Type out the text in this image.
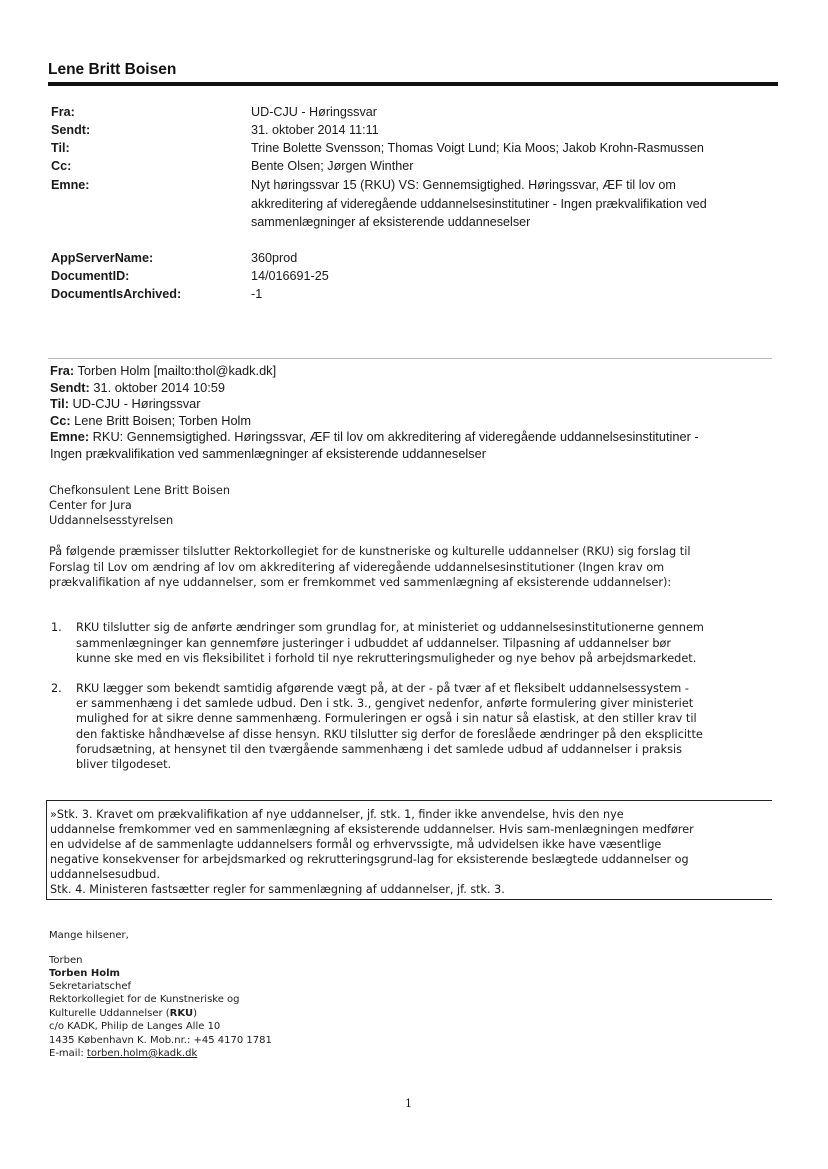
Lene Britt Boisen
Fra:	UD-CJU - Høringssvar
Sendt:	31. oktober 2014 11:11
Til:	Trine Bolette Svensson; Thomas Voigt Lund; Kia Moos; Jakob Krohn-Rasmussen
Cc:	Bente Olsen; Jørgen Winther
Emne:	Nyt høringssvar 15 (RKU) VS: Gennemsigtighed. Høringssvar, ÆF til lov om
akkreditering af videregående uddannelsesinstitutiner - Ingen prækvalifikation ved
sammenlægninger af eksisterende uddanneselser
AppServerName:	360prod
DocumentID:	14/016691-25
DocumentIsArchived:	-1
Fra: Torben Holm [mailto:thol@kadk.dk]
Sendt: 31. oktober 2014 10:59
Til: UD-CJU - Høringssvar
Cc: Lene Britt Boisen; Torben Holm
Emne: RKU: Gennemsigtighed. Høringssvar, ÆF til lov om akkreditering af videregående uddannelsesinstitutiner -
Ingen prækvalifikation ved sammenlægninger af eksisterende uddanneselser
Chefkonsulent Lene Britt Boisen
Center for Jura
Uddannelsesstyrelsen
På følgende præmisser tilslutter Rektorkollegiet for de kunstneriske og kulturelle uddannelser (RKU) sig forslag til
Forslag til Lov om ændring af lov om akkreditering af videregående uddannelsesinstitutioner (Ingen krav om
prækvalifikation af nye uddannelser, som er fremkommet ved sammenlægning af eksisterende uddannelser):
1. RKU tilslutter sig de anførte ændringer som grundlag for, at ministeriet og uddannelsesinstitutionerne gennem
sammenlægninger kan gennemføre justeringer i udbuddet af uddannelser. Tilpasning af uddannelser bør
kunne ske med en vis fleksibilitet i forhold til nye rekrutteringsmuligheder og nye behov på arbejdsmarkedet.
2. RKU lægger som bekendt samtidig afgørende vægt på, at der - på tvær af et fleksibelt uddannelsessystem -
er sammenhæng i det samlede udbud. Den i stk. 3., gengivet nedenfor, anførte formulering giver ministeriet
mulighed for at sikre denne sammenhæng. Formuleringen er også i sin natur så elastisk, at den stiller krav til
den faktiske håndhævelse af disse hensyn. RKU tilslutter sig derfor de foreslåede ændringer på den eksplicitte
forudsætning, at hensynet til den tværgående sammenhæng i det samlede udbud af uddannelser i praksis
bliver tilgodeset.
»Stk. 3. Kravet om prækvalifikation af nye uddannelser, jf. stk. 1, finder ikke anvendelse, hvis den nye
uddannelse fremkommer ved en sammenlægning af eksisterende uddannelser. Hvis sam-menlægningen medfører
en udvidelse af de sammenlagte uddannelsers formål og erhvervssigte, må udvidelsen ikke have væsentlige
negative konsekvenser for arbejdsmarked og rekrutteringsgrund-lag for eksisterende beslægtede uddannelser og
uddannelsesudbud.
Stk. 4. Ministeren fastsætter regler for sammenlægning af uddannelser, jf. stk. 3.
Mange hilsener,
Torben
Torben Holm
Sekretariatschef
Rektorkollegiet for de Kunstneriske og
Kulturelle Uddannelser (RKU)
c/o KADK, Philip de Langes Alle 10
1435 København K. Mob.nr.: +45 4170 1781
E-mail: torben.holm@kadk.dk
1
